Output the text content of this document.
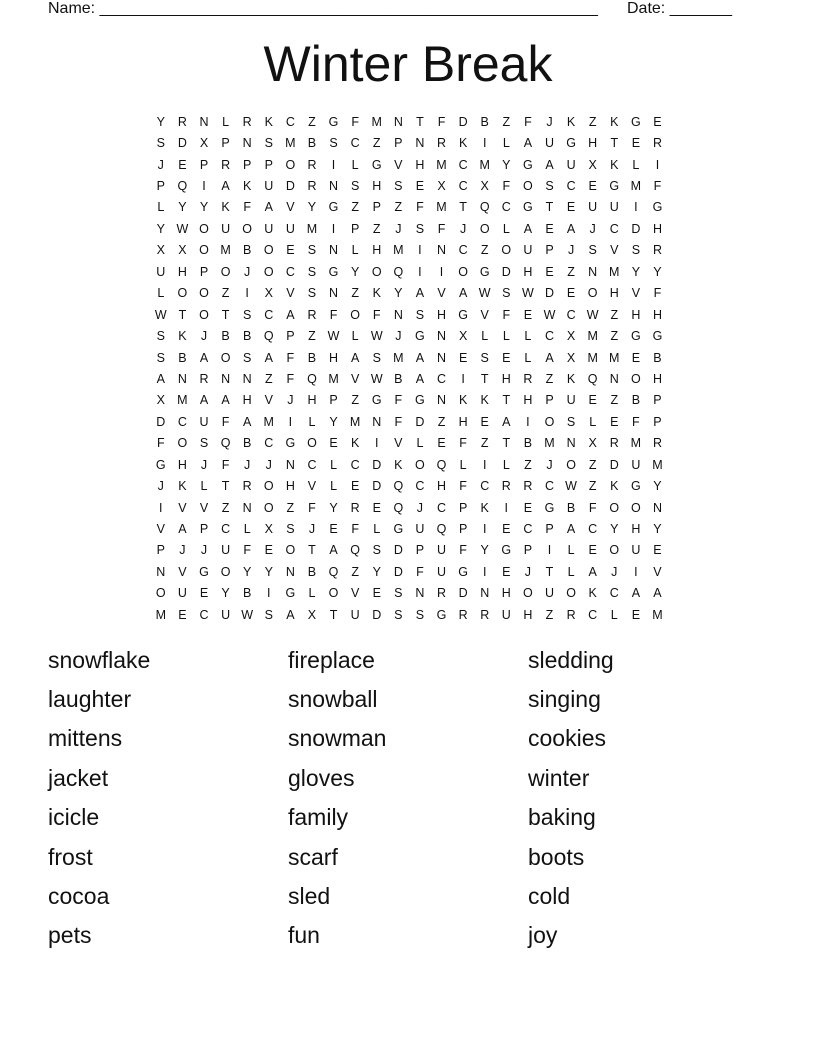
Name: ________________________________________________________ Date: _______
Winter Break
Y	R	N	L	R	K	C	Z	G	F	M N	T	F	D	B	Z	F	J	K	Z	K	G	E
S	D	X	P	N	S M B	S	C	Z	P	N	R	K	I	L	A	U G H	T	E	R
J	E	P	R	P	P	O R	I	L	G	V	H M C M Y	G	A	U	X	K	L	I
P	Q	I	A	K	U	D	R	N	S	H	S	E	X	C	X	F	O	S	C	E	G M	F
L	Y	Y	K	F	A	V	Y	G	Z	P	Z	F	M	T	Q C G	T	E	U	U	I	G
Y W O U O U	U M	I	P	Z	J	S	F	J	O	L	A	E	A	J	C	D	H
X	X	O M B	O	E	S	N	L	H M	I	N	C	Z	O U	P	J	S	V	S	R
U	H	P	O	J	O C	S	G	Y	O Q	I	I	O G D	H	E	Z	N M Y	Y
L	O O	Z	I	X	V	S	N	Z	K	Y	A	V	A W S W D	E	O H	V	F
W T	O	T	S	C	A	R	F	O	F	N	S	H G	V	F	E W C W Z	H	H
S	K	J	B	B	Q	P	Z W L W	J	G N	X	L	L	L	C	X M	Z	G G
S	B	A	O	S	A	F	B	H	A	S M A	N	E	S	E	L	A	X M M E	B
A	N	R	N	N	Z	F	Q M V W B	A	C	I	T	H	R	Z	K	Q N O H
X M A	A	H	V	J	H	P	Z	G	F	G N	K	K	T	H	P	U	E	Z	B	P
D	C	U	F	A M	I	L	Y M N	F	D	Z	H	E	A	I	O	S	L	E	F	P
F	O	S	Q	B	C G O	E	K	I	V	L	E	F	Z	T	B M N	X	R M R
G H	J	F	J	J	N	C	L	C	D	K	O Q	L	I	L	Z	J	O	Z	D	U M
J	K	L	T	R O H	V	L	E	D Q C	H	F	C	R	R	C W Z	K	G	Y
I	V	V	Z	N O	Z	F	Y	R	E	Q	J	C	P	K	I	E	G	B	F	O O N
V	A	P	C	L	X	S	J	E	F	L	G U Q	P	I	E	C	P	A	C	Y	H	Y
P	J	J	U	F	E	O	T	A	Q	S	D	P	U	F	Y	G	P	I	L	E	O U	E
N	V	G O	Y	Y	N	B	Q	Z	Y	D	F	U G	I	E	J	T	L	A	J	I	V
O U	E	Y	B	I	G	L	O	V	E	S	N	R	D	N	H O U O	K	C	A	A
M E	C	U W S	A	X	T	U	D	S	S	G R	R	U	H	Z	R	C	L	E M
snowflake	fireplace	sledding
laughter	snowball	singing
mittens	snowman	cookies
jacket	gloves	winter
icicle	family	baking
frost	scarf	boots
cocoa	sled	cold
pets	fun	joy
